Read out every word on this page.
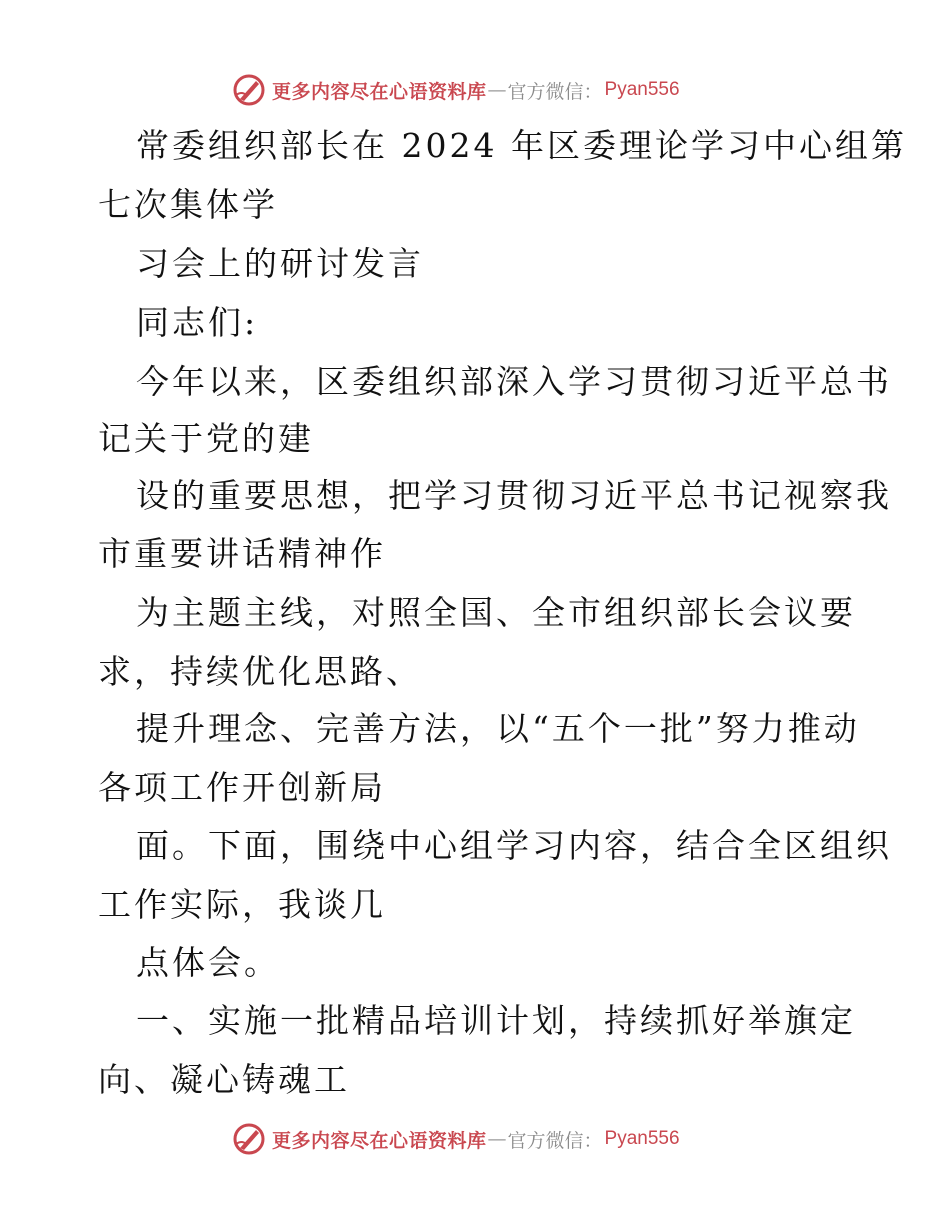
更多内容尽在心语资料库 — 官方微信： Pyan556
常委组织部长在 2024 年区委理论学习中心组第
七次集体学
习会上的研讨发言
同志们:
今年以来，区委组织部深入学习贯彻习近平总书
记关于党的建
设的重要思想，把学习贯彻习近平总书记视察我
市重要讲话精神作
为主题主线，对照全国、全市组织部长会议要
求，持续优化思路、
提升理念、完善方法，以“五个一批”努力推动
各项工作开创新局
面。下面，围绕中心组学习内容，结合全区组织
工作实际，我谈几
点体会。
一、实施一批精品培训计划，持续抓好举旗定
向、凝心铸魂工
更多内容尽在心语资料库 — 官方微信： Pyan556
